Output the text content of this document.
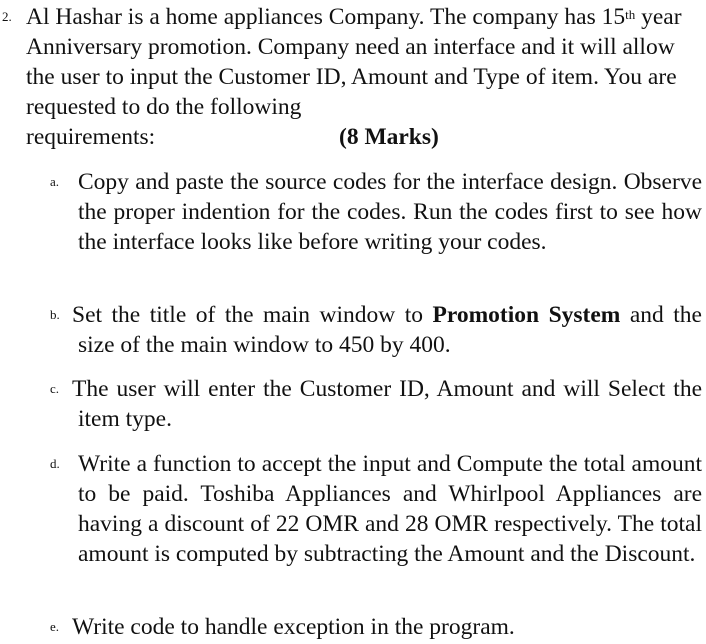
2. Al Hashar is a home appliances Company. The company has 15th year Anniversary promotion. Company need an interface and it will allow the user to input the Customer ID, Amount and Type of item. You are requested to do the following
requirements:	(8 Marks)
a. Copy and paste the source codes for the interface design. Observe the proper indention for the codes. Run the codes first to see how the interface looks like before writing your codes.
b. Set the title of the main window to Promotion System and the size of the main window to 450 by 400.
c. The user will enter the Customer ID, Amount and will Select the item type.
d. Write a function to accept the input and Compute the total amount to be paid. Toshiba Appliances and Whirlpool Appliances are having a discount of 22 OMR and 28 OMR respectively. The total amount is computed by subtracting the Amount and the Discount.
e. Write code to handle exception in the program.
